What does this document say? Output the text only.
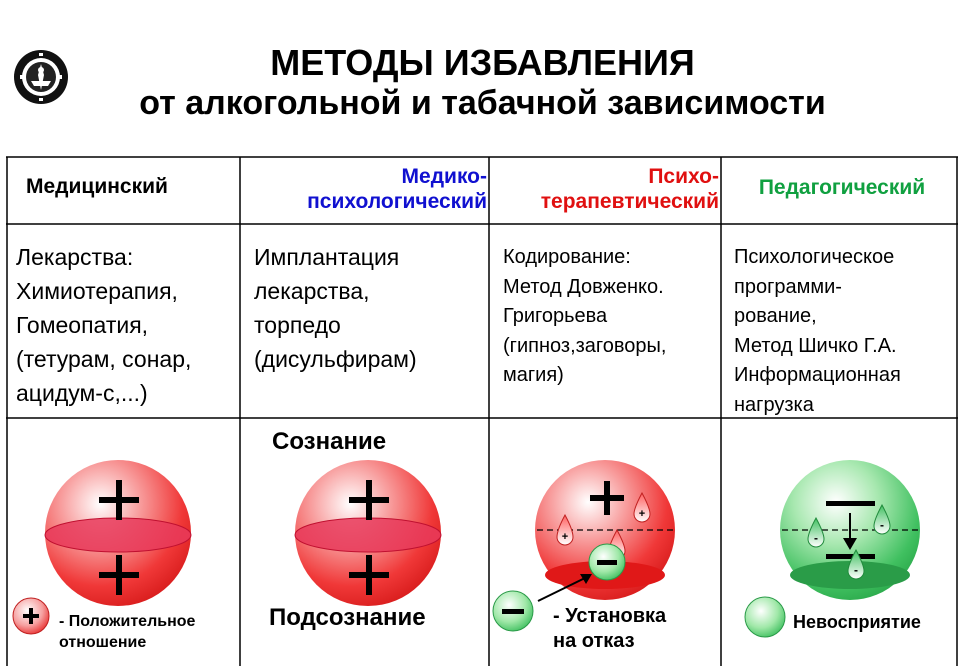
МЕТОДЫ ИЗБАВЛЕНИЯ
от алкогольной и табачной зависимости
+
+
-
-
-
Медицинский	Медико-
психологический
Психо-
терапевтический
Педагогический
Лекарства:
Химиотерапия,
Гомеопатия,
(тетурам, сонар,
ацидум-с,...)
Имплантация
лекарства,
торпедо
(дисульфирам)
Кодирование:
Метод Довженко.
Григорьева
(гипноз,заговоры,
магия)
Психологическое
программи-
рование,
Метод Шичко Г.А.
Информационная
нагрузка
Сознание
Подсознание
- Положительное
отношение
- Установка
на отказ
Невосприятие
